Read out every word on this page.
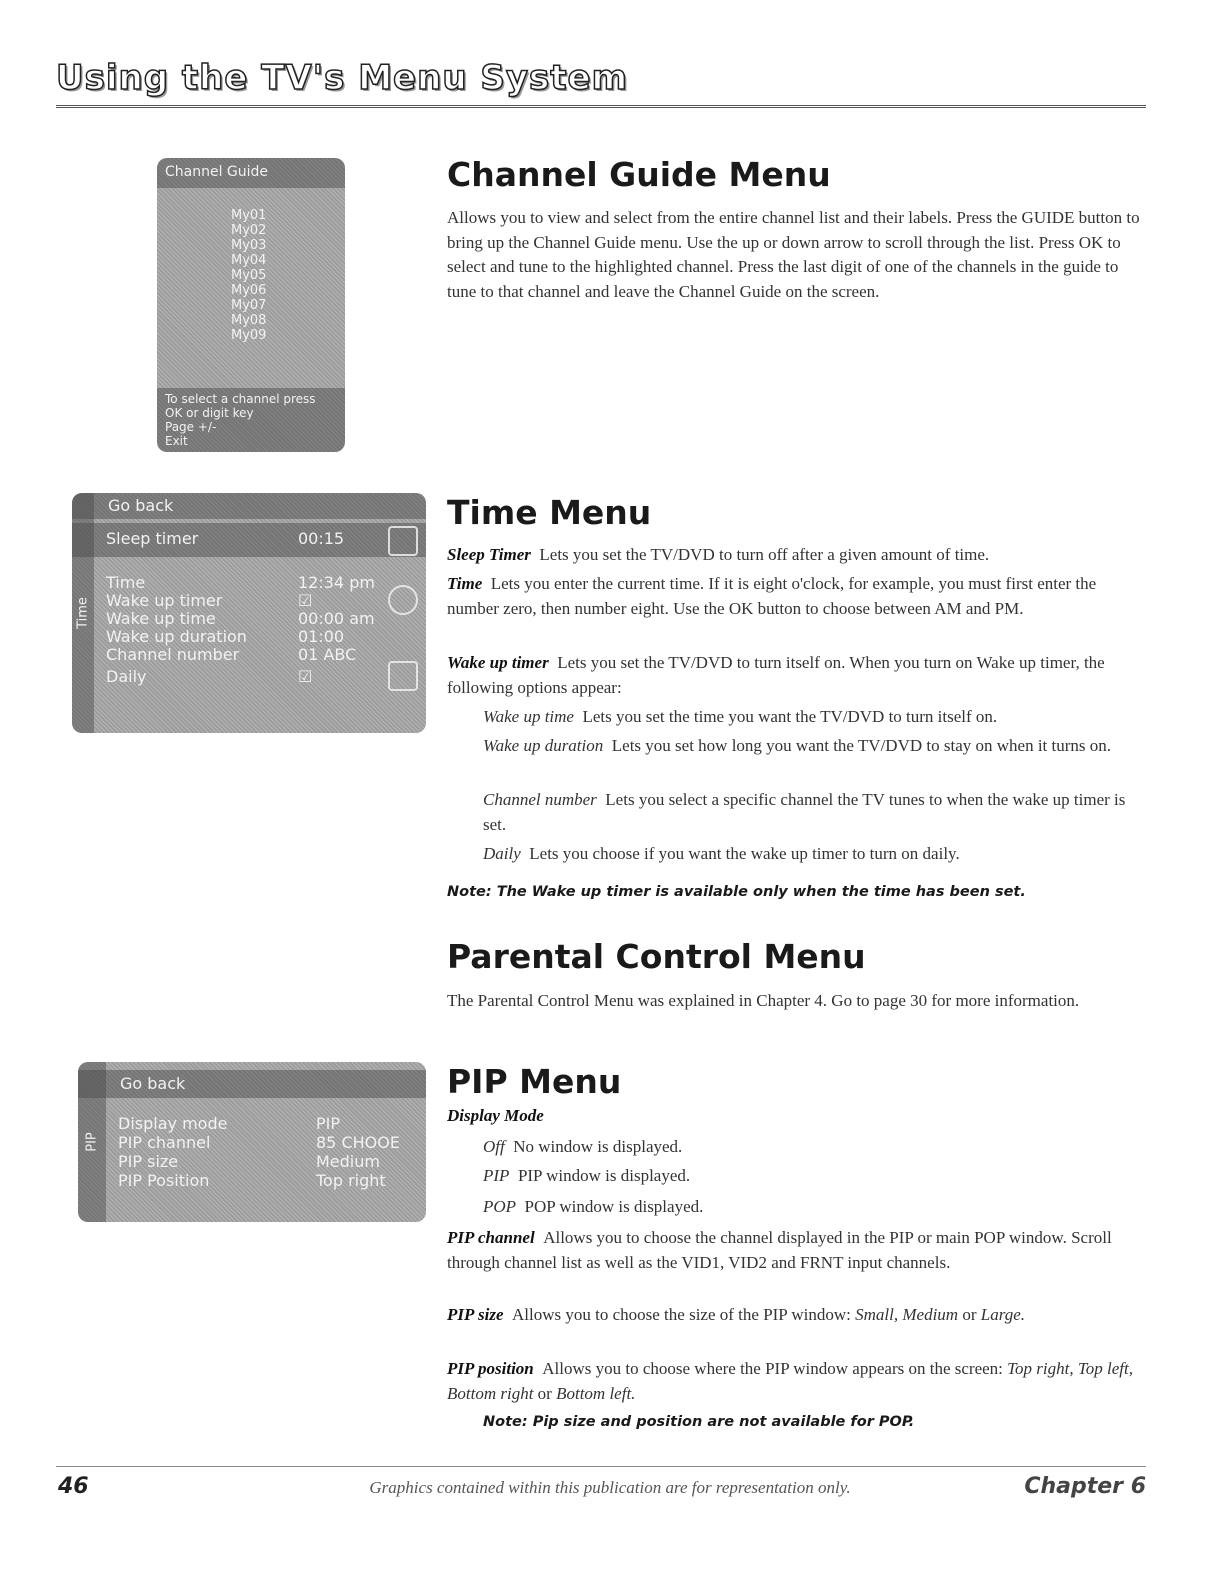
Using the TV's Menu System
Channel Guide
My01
My02
My03
My04
My05
My06
My07
My08
My09
To select a channel press
OK or digit key
Page +/-
Exit
Channel Guide Menu
Allows you to view and select from the entire channel list and their labels. Press the GUIDE button to bring up the Channel Guide menu. Use the up or down arrow to scroll through the list. Press OK to select and tune to the highlighted channel. Press the last digit of one of the channels in the guide to tune to that channel and leave the Channel Guide on the screen.
Time
Go back
Sleep timer	00:15
Time	12:34 pm
Wake up timer	☑
Wake up time	00:00 am
Wake up duration	01:00
Channel number	01 ABC
Daily	☑
Time Menu
Sleep Timer Lets you set the TV/DVD to turn off after a given amount of time.
Time Lets you enter the current time. If it is eight o'clock, for example, you must first enter the number zero, then number eight. Use the OK button to choose between AM and PM.
Wake up timer Lets you set the TV/DVD to turn itself on. When you turn on Wake up timer, the following options appear:
Wake up time Lets you set the time you want the TV/DVD to turn itself on.
Wake up duration Lets you set how long you want the TV/DVD to stay on when it turns on.
Channel number Lets you select a specific channel the TV tunes to when the wake up timer is set.
Daily Lets you choose if you want the wake up timer to turn on daily.
Note: The Wake up timer is available only when the time has been set.
Parental Control Menu
The Parental Control Menu was explained in Chapter 4. Go to page 30 for more information.
PIP
Go back
Display mode	PIP
PIP channel	85 CHOOE
PIP size	Medium
PIP Position	Top right
PIP Menu
Display Mode
Off No window is displayed.
PIP PIP window is displayed.
POP POP window is displayed.
PIP channel Allows you to choose the channel displayed in the PIP or main POP window. Scroll through channel list as well as the VID1, VID2 and FRNT input channels.
PIP size Allows you to choose the size of the PIP window: Small, Medium or Large.
PIP position Allows you to choose where the PIP window appears on the screen: Top right, Top left, Bottom right or Bottom left.
Note: Pip size and position are not available for POP.
46	Graphics contained within this publication are for representation only.	Chapter 6
